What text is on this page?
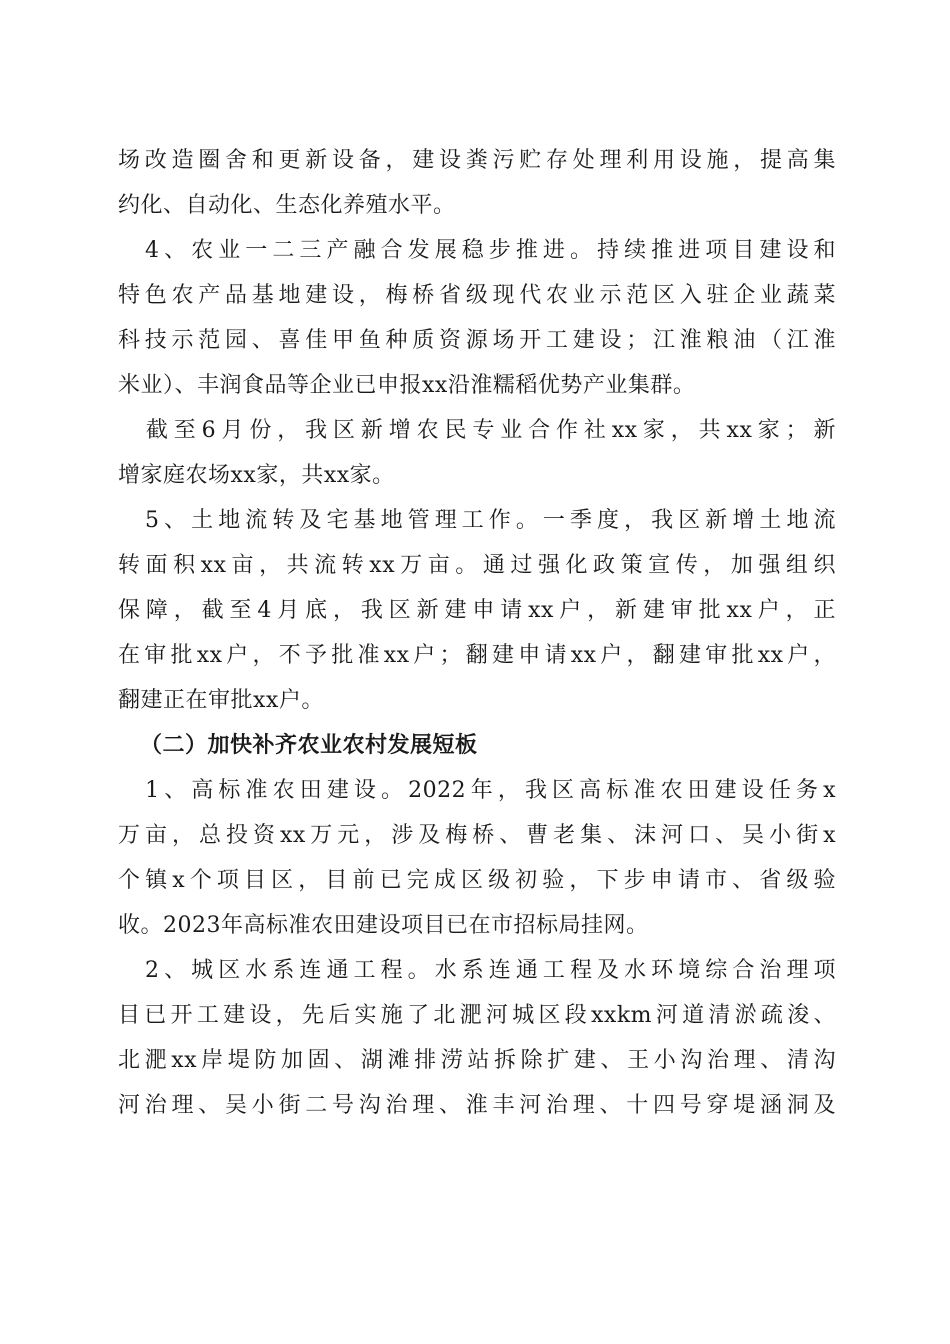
场改造圈舍和更新设备，建设粪污贮存处理利用设施，提高集
约化、自动化、生态化养殖水平。
　4、农业一二三产融合发展稳步推进。持续推进项目建设和
特色农产品基地建设，梅桥省级现代农业示范区入驻企业蔬菜
科技示范园、喜佳甲鱼种质资源场开工建设；江淮粮油（江淮
米业）、丰润食品等企业已申报xx沿淮糯稻优势产业集群。
　截至6月份，我区新增农民专业合作社xx家，共xx家；新
增家庭农场xx家，共xx家。
　5、土地流转及宅基地管理工作。一季度，我区新增土地流
转面积xx亩，共流转xx万亩。通过强化政策宣传，加强组织
保障，截至4月底，我区新建申请xx户，新建审批xx户，正
在审批xx户，不予批准xx户；翻建申请xx户，翻建审批xx户，
翻建正在审批xx户。
（二）加快补齐农业农村发展短板
　1、高标准农田建设。2022年，我区高标准农田建设任务x
万亩，总投资xx万元，涉及梅桥、曹老集、沫河口、吴小街x
个镇x个项目区，目前已完成区级初验，下步申请市、省级验
收。2023年高标准农田建设项目已在市招标局挂网。
　2、城区水系连通工程。水系连通工程及水环境综合治理项
目已开工建设，先后实施了北淝河城区段xxkm河道清淤疏浚、
北淝xx岸堤防加固、湖滩排涝站拆除扩建、王小沟治理、清沟
河治理、吴小街二号沟治理、淮丰河治理、十四号穿堤涵洞及
